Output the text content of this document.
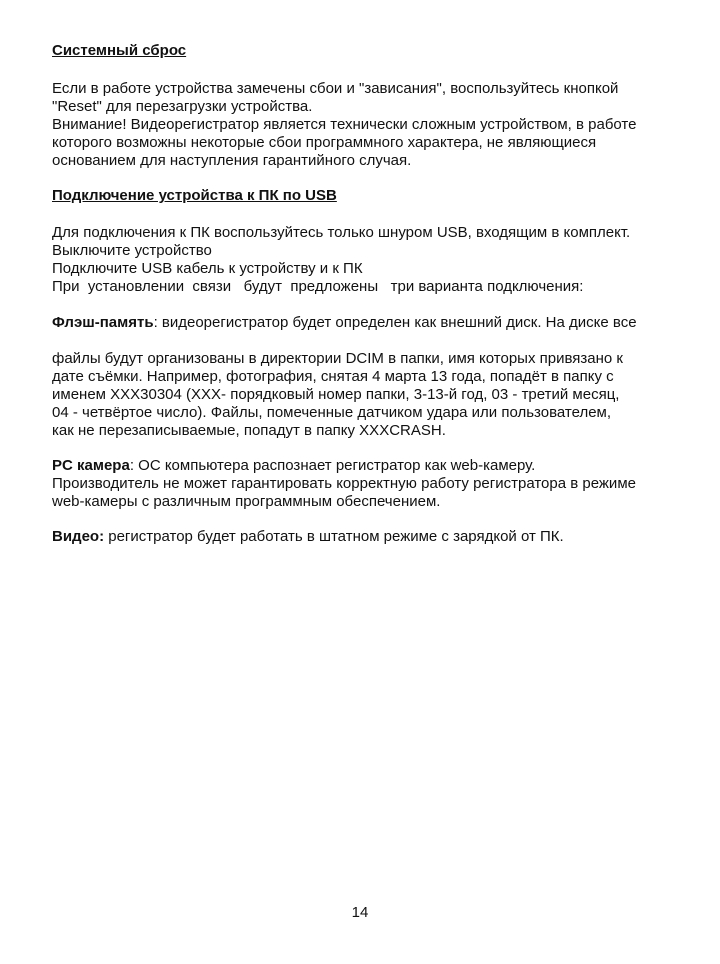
Системный сброс
Если в работе устройства замечены сбои и "зависания", воспользуйтесь кнопкой
"Reset" для перезагрузки устройства.
Внимание! Видеорегистратор является технически сложным устройством, в работе
которого возможны некоторые сбои программного характера, не являющиеся
основанием для наступления гарантийного случая.
Подключение устройства к ПК по USB
Для подключения к ПК воспользуйтесь только шнуром USB, входящим в комплект.
Выключите устройство
Подключите USB кабель к устройству и к ПК
При  установлении  связи   будут  предложены   три варианта подключения:
Флэш-память: видеорегистратор будет определен как внешний диск. На диске все
файлы будут организованы в директории DCIM в папки, имя которых привязано к
дате съёмки. Например, фотография, снятая 4 марта 13 года, попадёт в папку с
именем XXX30304 (XXX- порядковый номер папки, 3-13-й год, 03 - третий месяц,
04 - четвёртое число). Файлы, помеченные датчиком удара или пользователем,
как не перезаписываемые, попадут в папку XXXCRASH.
PC камера: ОС компьютера распознает регистратор как web-камеру.
Производитель не может гарантировать корректную работу регистратора в режиме
web-камеры с различным программным обеспечением.
Видео: регистратор будет работать в штатном режиме с зарядкой от ПК.
14
